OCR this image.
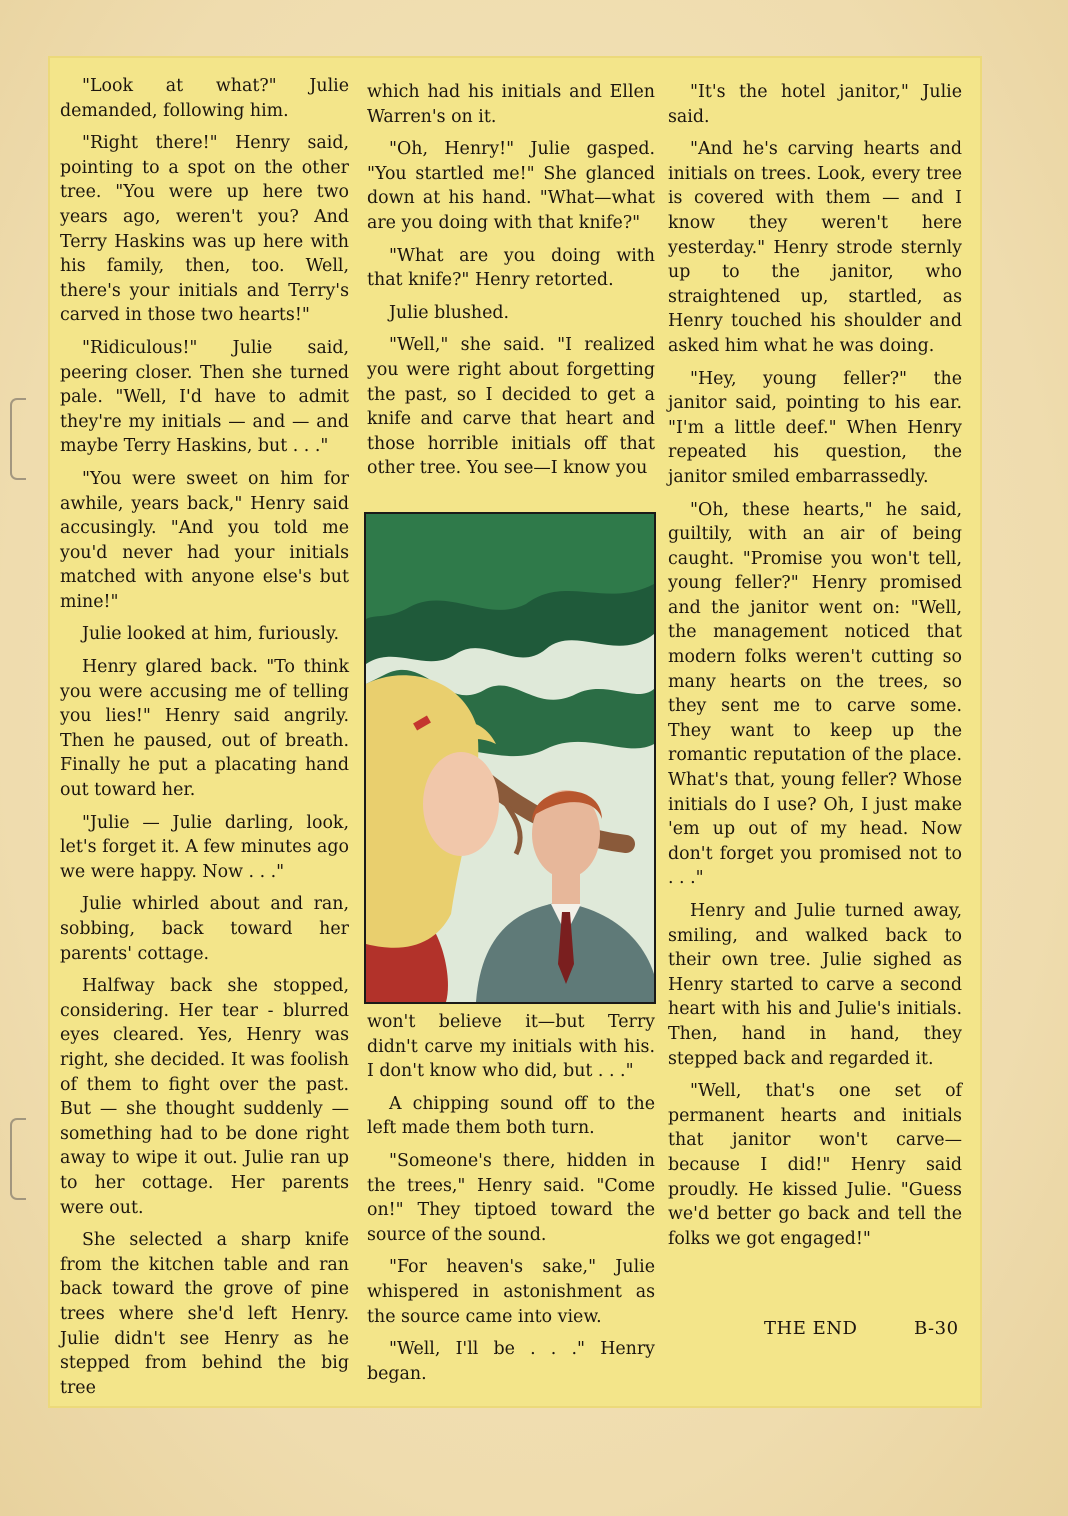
"Look at what?" Julie demanded, following him.

"Right there!" Henry said, pointing to a spot on the other tree. "You were up here two years ago, weren't you? And Terry Haskins was up here with his family, then, too. Well, there's your initials and Terry's carved in those two hearts!"

"Ridiculous!" Julie said, peering closer. Then she turned pale. "Well, I'd have to admit they're my initials — and — and maybe Terry Haskins, but . . ."

"You were sweet on him for awhile, years back," Henry said accusingly. "And you told me you'd never had your initials matched with anyone else's but mine!"

Julie looked at him, furiously.

Henry glared back. "To think you were accusing me of telling you lies!" Henry said angrily. Then he paused, out of breath. Finally he put a placating hand out toward her.

"Julie — Julie darling, look, let's forget it. A few minutes ago we were happy. Now . . ."

Julie whirled about and ran, sobbing, back toward her parents' cottage.

Halfway back she stopped, considering. Her tear - blurred eyes cleared. Yes, Henry was right, she decided. It was foolish of them to fight over the past. But — she thought suddenly — something had to be done right away to wipe it out. Julie ran up to her cottage. Her parents were out.

She selected a sharp knife from the kitchen table and ran back toward the grove of pine trees where she'd left Henry. Julie didn't see Henry as he stepped from behind the big tree

which had his initials and Ellen Warren's on it.

"Oh, Henry!" Julie gasped. "You startled me!" She glanced down at his hand. "What—what are you doing with that knife?"

"What are you doing with that knife?" Henry retorted.

Julie blushed.

"Well," she said. "I realized you were right about forgetting the past, so I decided to get a knife and carve that heart and those horrible initials off that other tree. You see—I know you

won't believe it—but Terry didn't carve my initials with his. I don't know who did, but . . ."

A chipping sound off to the left made them both turn.

"Someone's there, hidden in the trees," Henry said. "Come on!" They tiptoed toward the source of the sound.

"For heaven's sake," Julie whispered in astonishment as the source came into view.

"Well, I'll be . . ." Henry began.

"It's the hotel janitor," Julie said.

"And he's carving hearts and initials on trees. Look, every tree is covered with them — and I know they weren't here yesterday." Henry strode sternly up to the janitor, who straightened up, startled, as Henry touched his shoulder and asked him what he was doing.

"Hey, young feller?" the janitor said, pointing to his ear. "I'm a little deef." When Henry repeated his question, the janitor smiled embarrassedly.

"Oh, these hearts," he said, guiltily, with an air of being caught. "Promise you won't tell, young feller?" Henry promised and the janitor went on: "Well, the management noticed that modern folks weren't cutting so many hearts on the trees, so they sent me to carve some. They want to keep up the romantic reputation of the place. What's that, young feller? Whose initials do I use? Oh, I just make 'em up out of my head. Now don't forget you promised not to . . ."

Henry and Julie turned away, smiling, and walked back to their own tree. Julie sighed as Henry started to carve a second heart with his and Julie's initials. Then, hand in hand, they stepped back and regarded it.

"Well, that's one set of permanent hearts and initials that janitor won't carve—because I did!" Henry said proudly. He kissed Julie. "Guess we'd better go back and tell the folks we got engaged!"

THE END	B-30
